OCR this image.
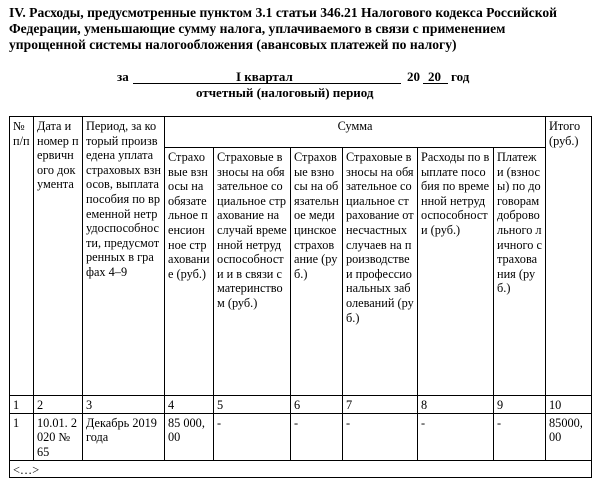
IV. Расходы, предусмотренные пунктом 3.1 статьи 346.21 Налогового кодекса Российской
Федерации, уменьшающие сумму налога, уплачиваемого в связи с применением
упрощенной системы налогообложения (авансовых платежей по налогу)
за	I квартал	20 20 год
отчетный (налоговый) период
№ п/п	Дата и номер первичного документа	Период, за который произведена уплата страховых взносов, выплата пособия по временной нетрудоспособности, предусмотренных в графах 4–9	Сумма						Итого (руб.)
			Страховые взносы на обязательное пенсионное страхование (руб.)	Страховые взносы на обязательное социальное страхование на случай временной нетрудоспособности и в связи с материнством (руб.)	Страховые взносы на обязательное медицинское страхование (руб.)	Страховые взносы на обязательное социальное страхование от несчастных случаев на производстве и профессиональных заболеваний (руб.)	Расходы по выплате пособия по временной нетрудоспособности (руб.)	Платежи (взносы) по договорам добровольного личного страхования (руб.)	
1	2	3	4	5	6	7	8	9	10
1	10.01. 2020 № 65	Декабрь 2019 года	85 000,00	-	-	-	-	-	85000,00
<…>									
